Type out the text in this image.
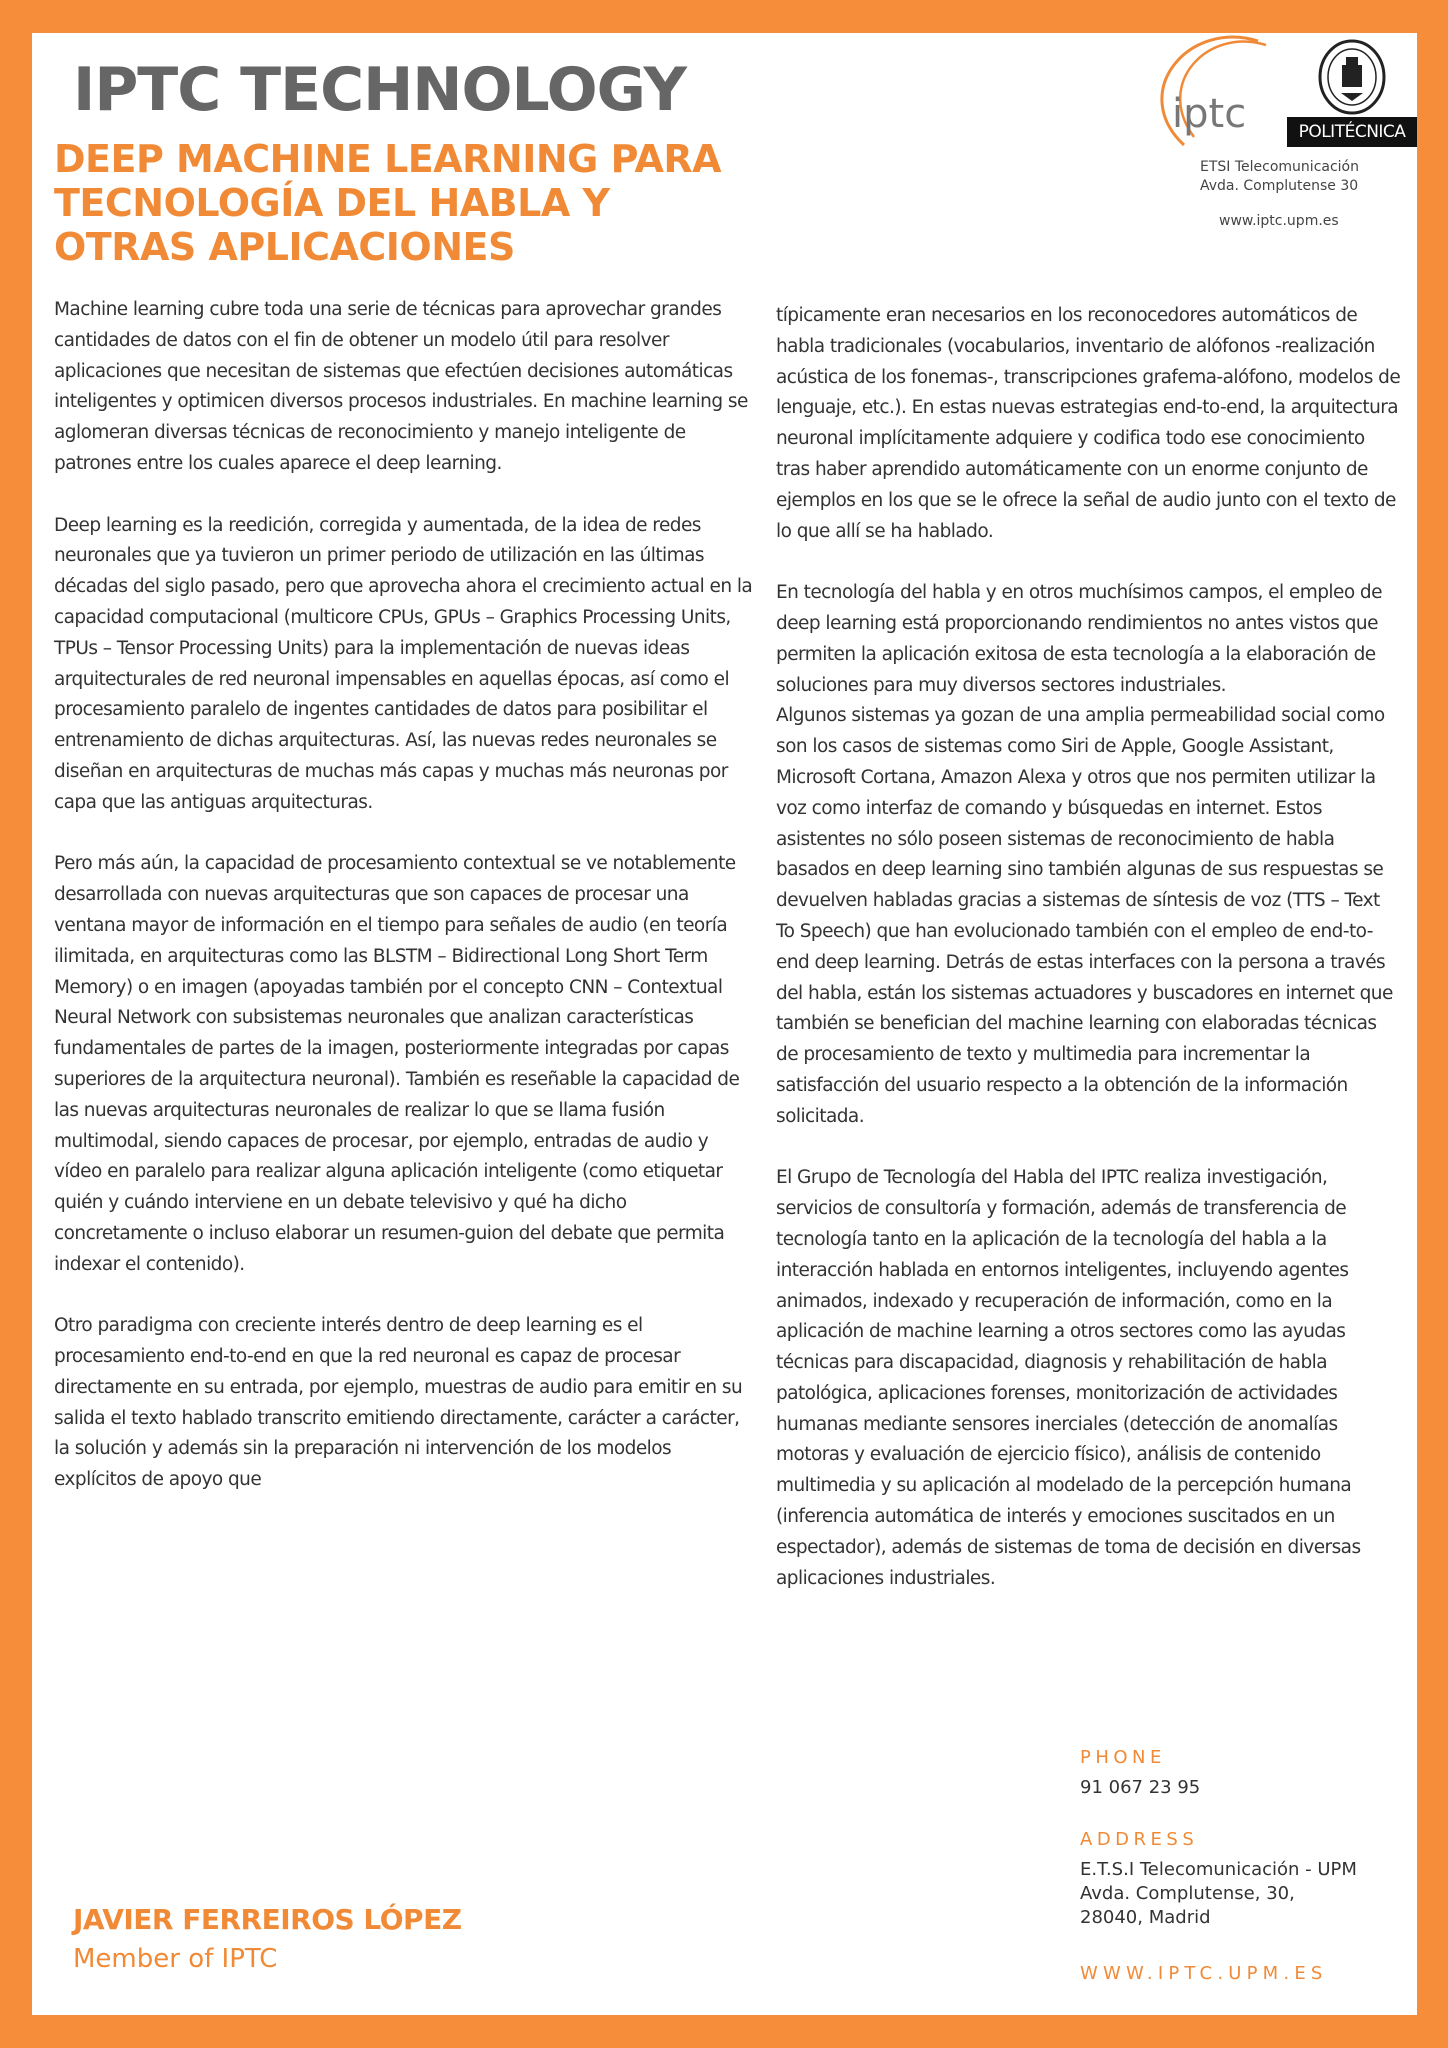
IPTC TECHNOLOGY
DEEP MACHINE LEARNING PARA
TECNOLOGÍA DEL HABLA Y
OTRAS APLICACIONES
iptc	POLITÉCNICA
ETSI Telecomunicación
Avda. Complutense 30
www.iptc.upm.es

Machine learning cubre toda una serie de técnicas para aprovechar grandes cantidades de datos con el fin de obtener un modelo útil para resolver aplicaciones que necesitan de sistemas que efectúen decisiones automáticas inteligentes y optimicen diversos procesos industriales. En machine learning se aglomeran diversas técnicas de reconocimiento y manejo inteligente de patrones entre los cuales aparece el deep learning.

Deep learning es la reedición, corregida y aumentada, de la idea de redes neuronales que ya tuvieron un primer periodo de utilización en las últimas décadas del siglo pasado, pero que aprovecha ahora el crecimiento actual en la capacidad computacional (multicore CPUs, GPUs – Graphics Processing Units, TPUs – Tensor Processing Units) para la implementación de nuevas ideas arquitecturales de red neuronal impensables en aquellas épocas, así como el procesamiento paralelo de ingentes cantidades de datos para posibilitar el entrenamiento de dichas arquitecturas. Así, las nuevas redes neuronales se diseñan en arquitecturas de muchas más capas y muchas más neuronas por capa que las antiguas arquitecturas.

Pero más aún, la capacidad de procesamiento contextual se ve notablemente desarrollada con nuevas arquitecturas que son capaces de procesar una ventana mayor de información en el tiempo para señales de audio (en teoría ilimitada, en arquitecturas como las BLSTM – Bidirectional Long Short Term Memory) o en imagen (apoyadas también por el concepto CNN – Contextual Neural Network con subsistemas neuronales que analizan características fundamentales de partes de la imagen, posteriormente integradas por capas superiores de la arquitectura neuronal). También es reseñable la capacidad de las nuevas arquitecturas neuronales de realizar lo que se llama fusión multimodal, siendo capaces de procesar, por ejemplo, entradas de audio y vídeo en paralelo para realizar alguna aplicación inteligente (como etiquetar quién y cuándo interviene en un debate televisivo y qué ha dicho concretamente o incluso elaborar un resumen-guion del debate que permita indexar el contenido).

Otro paradigma con creciente interés dentro de deep learning es el procesamiento end-to-end en que la red neuronal es capaz de procesar directamente en su entrada, por ejemplo, muestras de audio para emitir en su salida el texto hablado transcrito emitiendo directamente, carácter a carácter, la solución y además sin la preparación ni intervención de los modelos explícitos de apoyo que

típicamente eran necesarios en los reconocedores automáticos de habla tradicionales (vocabularios, inventario de alófonos -realización acústica de los fonemas-, transcripciones grafema-alófono, modelos de lenguaje, etc.). En estas nuevas estrategias end-to-end, la arquitectura neuronal implícitamente adquiere y codifica todo ese conocimiento tras haber aprendido automáticamente con un enorme conjunto de ejemplos en los que se le ofrece la señal de audio junto con el texto de lo que allí se ha hablado.

En tecnología del habla y en otros muchísimos campos, el empleo de deep learning está proporcionando rendimientos no antes vistos que permiten la aplicación exitosa de esta tecnología a la elaboración de soluciones para muy diversos sectores industriales.

Algunos sistemas ya gozan de una amplia permeabilidad social como son los casos de sistemas como Siri de Apple, Google Assistant, Microsoft Cortana, Amazon Alexa y otros que nos permiten utilizar la voz como interfaz de comando y búsquedas en internet. Estos asistentes no sólo poseen sistemas de reconocimiento de habla basados en deep learning sino también algunas de sus respuestas se devuelven habladas gracias a sistemas de síntesis de voz (TTS – Text To Speech) que han evolucionado también con el empleo de end-to-end deep learning. Detrás de estas interfaces con la persona a través del habla, están los sistemas actuadores y buscadores en internet que también se benefician del machine learning con elaboradas técnicas de procesamiento de texto y multimedia para incrementar la satisfacción del usuario respecto a la obtención de la información solicitada.

El Grupo de Tecnología del Habla del IPTC realiza investigación, servicios de consultoría y formación, además de transferencia de tecnología tanto en la aplicación de la tecnología del habla a la interacción hablada en entornos inteligentes, incluyendo agentes animados, indexado y recuperación de información, como en la aplicación de machine learning a otros sectores como las ayudas técnicas para discapacidad, diagnosis y rehabilitación de habla patológica, aplicaciones forenses, monitorización de actividades humanas mediante sensores inerciales (detección de anomalías motoras y evaluación de ejercicio físico), análisis de contenido multimedia y su aplicación al modelado de la percepción humana (inferencia automática de interés y emociones suscitados en un espectador), además de sistemas de toma de decisión en diversas aplicaciones industriales.

PHONE
91 067 23 95
ADDRESS
E.T.S.I Telecomunicación - UPM
Avda. Complutense, 30,
28040, Madrid
WWW.IPTC.UPM.ES
JAVIER FERREIROS LÓPEZ
Member of IPTC
